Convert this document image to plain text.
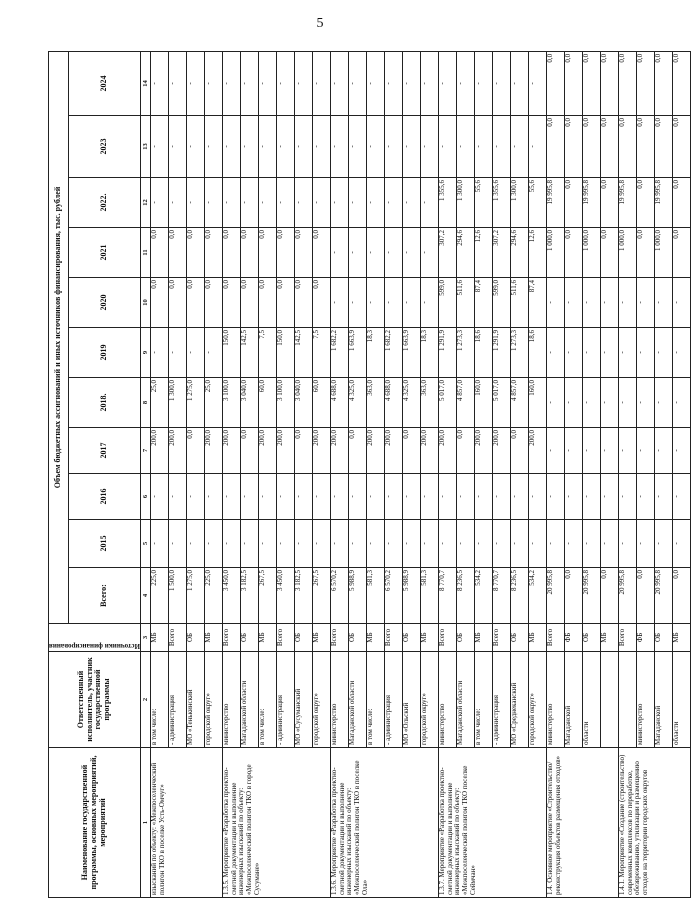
5
Наименование государственной программы, основных мероприятий, мероприятий	Ответственный исполнитель, участник государственной программы	Источники финансирования	Объем бюджетных ассигнований и иных источников финансирования, тыс. рублей										
			Всего:	2015	2016	2017	2018.	2019	2020	2021	2022.	2023	2024
1	2	3	4	5	6	7	8	9	10	11	12	13	14
изысканий по объекту: «Межпоселенческий полигон ТКО в поселке Усть-Омчуг»	в том числе:	МБ	225,0	-	-	200,0	25,0	-	0,0	0,0	-	-	-
	- администрация	Всего	1 500,0	-	-	200,0	1 300,0	-	0,0	0,0	-	-	-
	МО «Тенькинский	ОБ	1 275,0	-	-	0,0	1 275,0	-	0,0	0,0	-	-	-
	городской округ»	МБ	225,0	-	-	200,0	25,0	-	0,0	0,0	-	-	-
1.3.5. Мероприятие «Разработка проектно-сметной документации и выполнение инженерных изысканий по объекту: «Межпоселенческий полигон ТКО в городе Сусумане»	министерство	Всего	3 450,0	-	-	200,0	3 100,0	150,0	0,0	0,0	-	-	-
	Магаданской области	ОБ	3 182,5	-	-	0,0	3 040,0	142,5	0,0	0,0	-	-	-
	в том числе:	МБ	267,5	-	-	200,0	60,0	7,5	0,0	0,0	-	-	-
	- администрация	Всего	3 450,0	-	-	200,0	3 100,0	150,0	0,0	0,0	-	-	-
	МО «Сусуманский	ОБ	3 182,5	-	-	0,0	3 040,0	142,5	0,0	0,0	-	-	-
	городской округ»	МБ	267,5	-	-	200,0	60,0	7,5	0,0	0,0	-	-	-
1.3.6. Мероприятие «Разработка проектно-сметной документации и выполнение инженерных изысканий по объекту: «Межпоселенческий полигон ТКО в поселке Ола»	министерство	Всего	6 570,2	-	-	200,0	4 688,0	1 682,2	-	-	-	-	-
	Магаданской области	ОБ	5 988,9	-	-	0,0	4 325,0	1 663,9	-	-	-	-	-
	в том числе:	МБ	581,3	-	-	200,0	363,0	18,3	-	-	-	-	-
	- администрация	Всего	6 570,2	-	-	200,0	4 688,0	1 682,2	-	-	-	-	-
	МО «Ольский	ОБ	5 988,9	-	-	0,0	4 325,0	1 663,9	-	-	-	-	-
	городской округ»	МБ	581,3	-	-	200,0	363,0	18,3	-	-	-	-	-
1.3.7. Мероприятие «Разработка проектно-сметной документации и выполнение инженерных изысканий по объекту: «Межпоселенческий полигон ТКО поселке Сеймчан»	министерство	Всего	8 770,7	-	-	200,0	5 017,0	1 291,9	599,0	307,2	1 355,6	-	-
	Магаданской области	ОБ	8 236,5	-	-	0,0	4 857,0	1 273,3	511,6	294,6	1 300,0	-	-
	в том числе:	МБ	534,2	-	-	200,0	160,0	18,6	87,4	12,6	55,6	-	-
	- администрация	Всего	8 770,7	-	-	200,0	5 017,0	1 291,9	599,0	307,2	1 355,6	-	-
	МО «Среднеканский	ОБ	8 236,5	-	-	0,0	4 857,0	1 273,3	511,6	294,6	1 300,0	-	-
	городской округ»	МБ	534,2	-	-	200,0	160,0	18,6	87,4	12,6	55,6	-	-
1.4. Основное мероприятие «Строительство/реконструкция объектов размещения отходов»	министерство	Всего	20 995,8	-	-	-	-	-	-	1 000,0	19 995,8	0,0	0,0
	Магаданской	ФБ	0,0	-	-	-	-	-	-	0,0	0,0	0,0	0,0
	области	ОБ	20 995,8	-	-	-	-	-	-	1 000,0	19 995,8	0,0	0,0
		МБ	0,0	-	-	-	-	-	-	0,0	0,0	0,0	0,0
1.4.1. Мероприятие «Создание (строительство) современных комплексов по переработке, обезвреживанию, утилизации и размещению отходов на территории городских округов		Всего	20 995,8	-	-	-	-	-	-	1 000,0	19 995,8	0,0	0,0
	министерство	ФБ	0,0	-	-	-	-	-	-	0,0	0,0	0,0	0,0
	Магаданской	ОБ	20 995,8	-	-	-	-	-	-	1 000,0	19 995,8	0,0	0,0
	области	МБ	0,0	-	-	-	-	-	-	0,0	0,0	0,0	0,0
